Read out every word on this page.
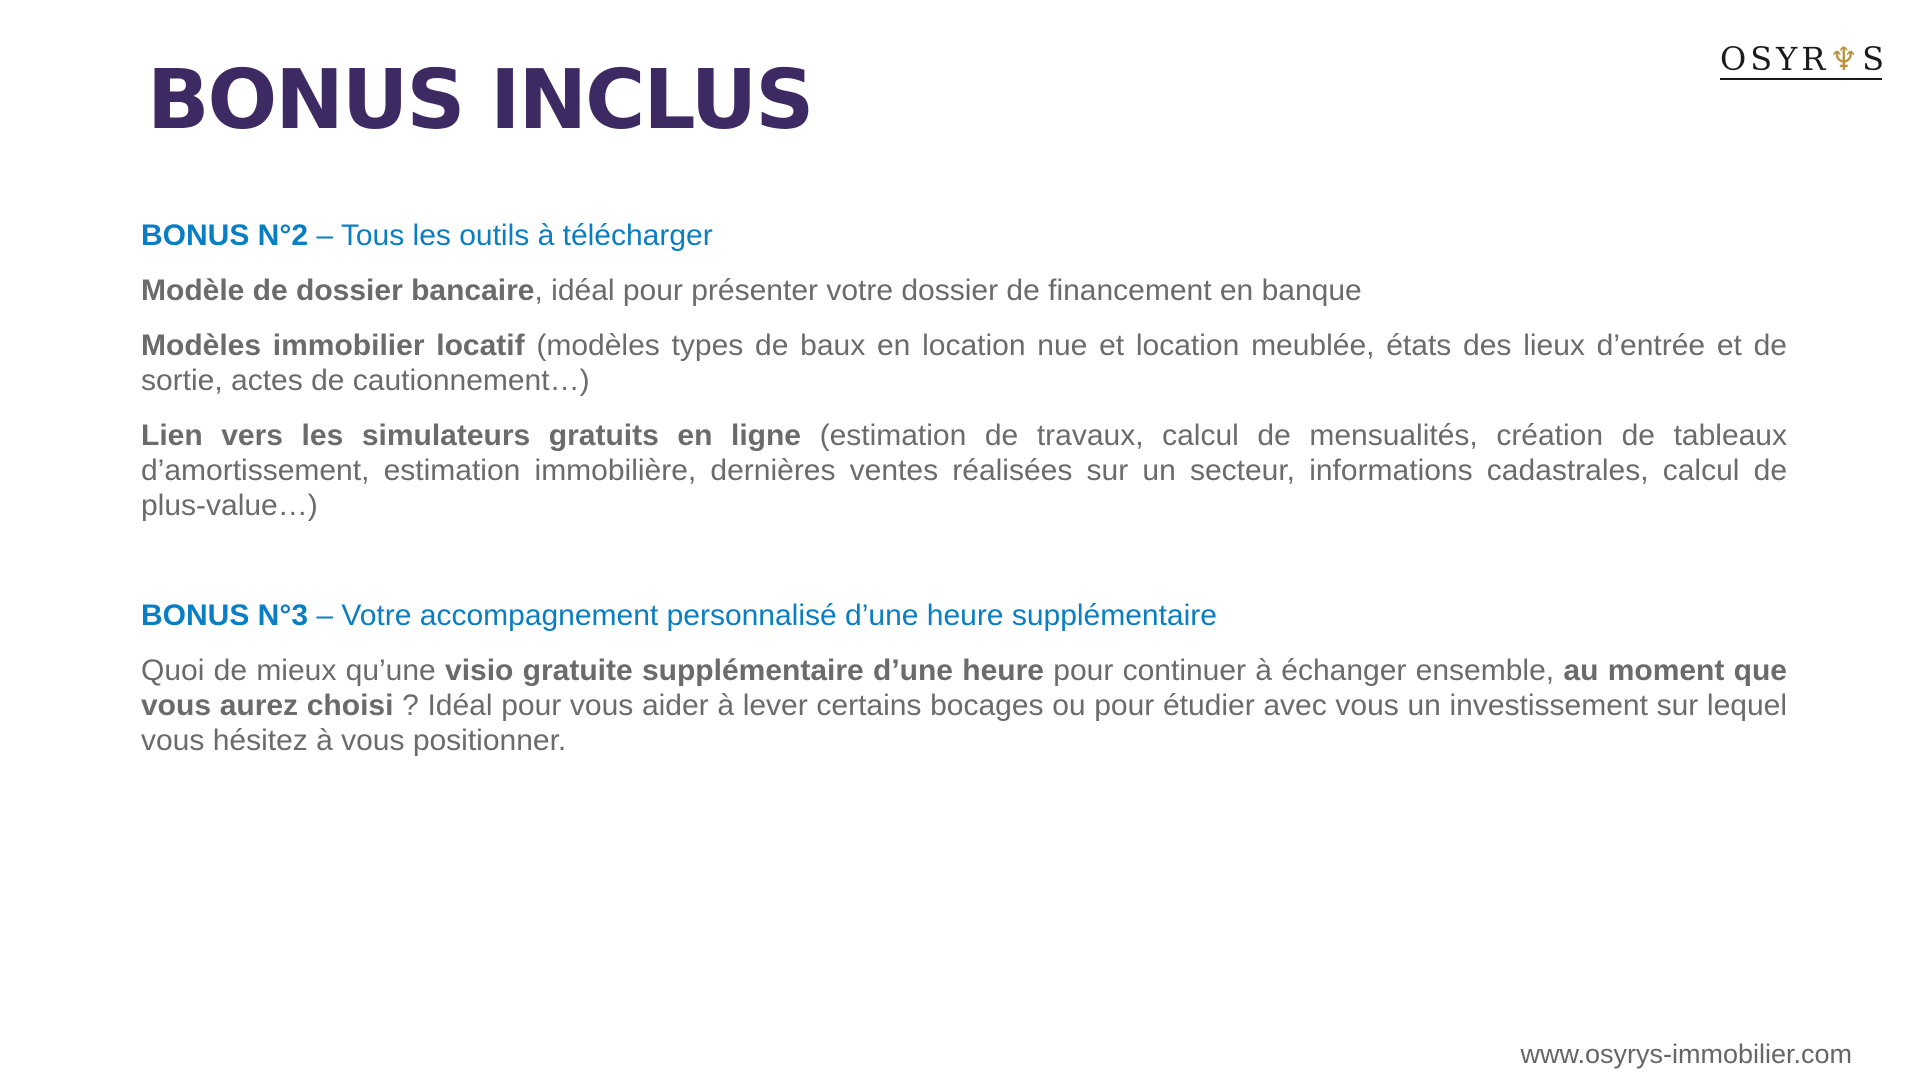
BONUS INCLUS	OSYR♆S

BONUS N°2 – Tous les outils à télécharger

Modèle de dossier bancaire, idéal pour présenter votre dossier de financement en banque

Modèles immobilier locatif (modèles types de baux en location nue et location meublée, états des lieux d’entrée et de sortie, actes de cautionnement…)

Lien vers les simulateurs gratuits en ligne (estimation de travaux, calcul de mensualités, création de tableaux d’amortissement, estimation immobilière, dernières ventes réalisées sur un secteur, informations cadastrales, calcul de plus-value…)

BONUS N°3 – Votre accompagnement personnalisé d’une heure supplémentaire

Quoi de mieux qu’une visio gratuite supplémentaire d’une heure pour continuer à échanger ensemble, au moment que vous aurez choisi ? Idéal pour vous aider à lever certains bocages ou pour étudier avec vous un investissement sur lequel vous hésitez à vous positionner.

www.osyrys-immobilier.com
